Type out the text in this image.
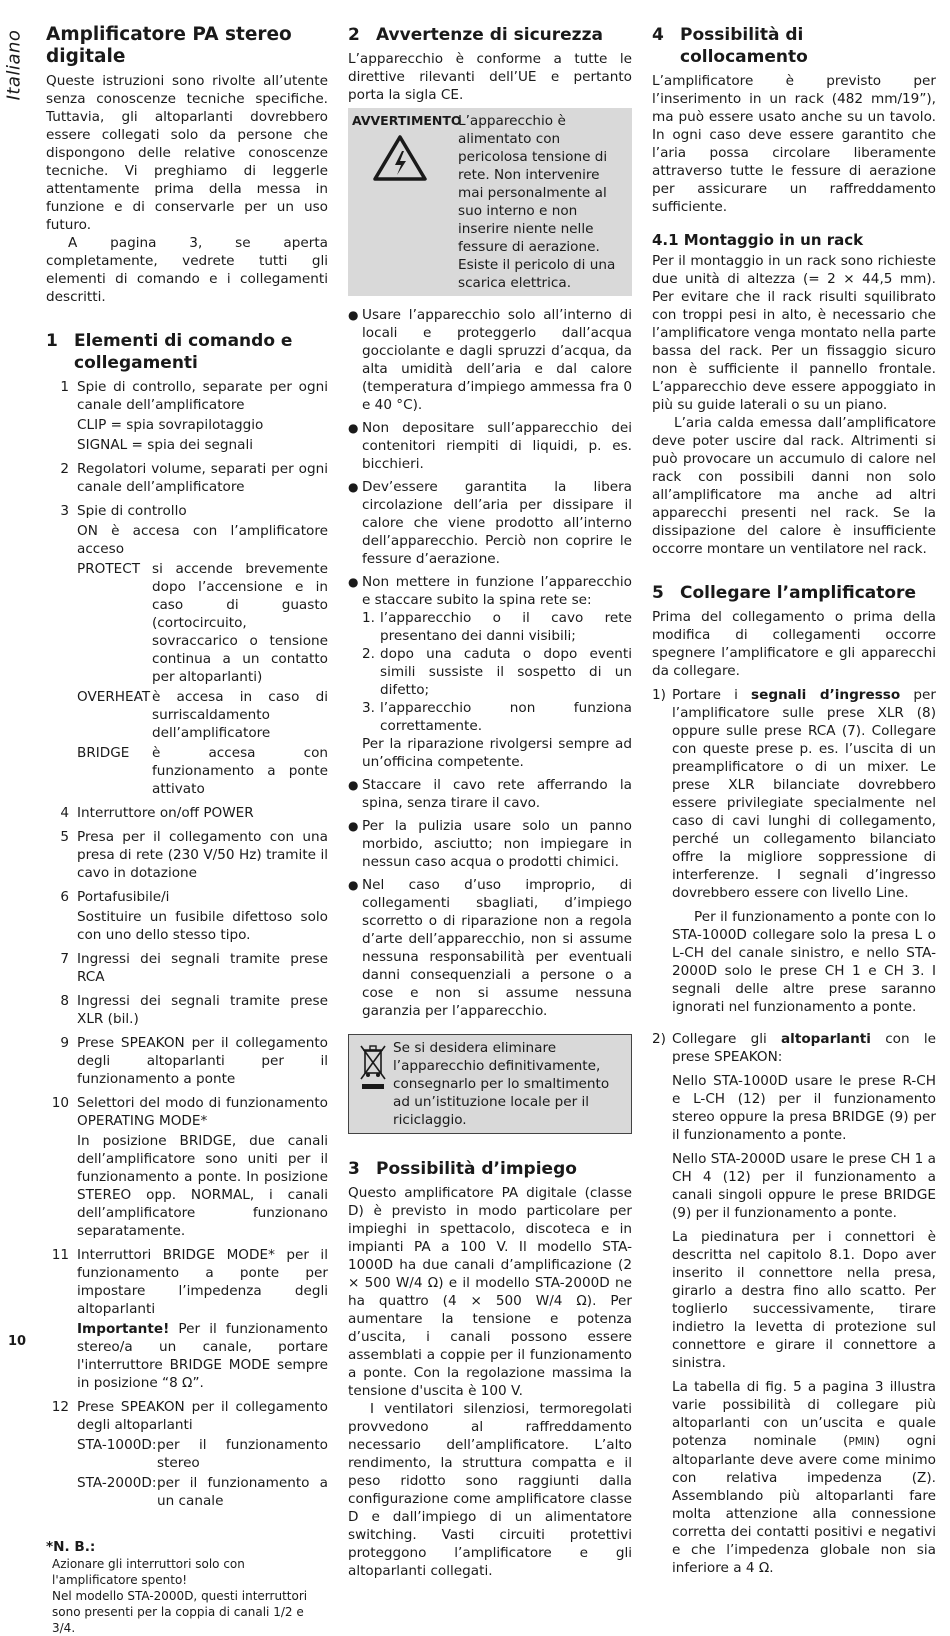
Italiano Amplificatore PA stereo digitale

Queste istruzioni sono rivolte all’utente senza conoscenze tecniche specifiche. Tuttavia, gli altoparlanti dovrebbero essere collegati solo da persone che dispongono delle relative conoscenze tecniche. Vi preghiamo di leggerle attentamente prima della messa in funzione e di conservarle per un uso futuro.

A pagina 3, se aperta completamente, vedrete tutti gli elementi di comando e i collegamenti descritti.

1 Elementi di comando e collegamenti
1 Spie di controllo, separate per ogni canale dell’amplificatore

CLIP = spia sovrapilotaggio

SIGNAL = spia dei segnali

2 Regolatori volume, separati per ogni canale dell’amplificatore

3 Spie di controllo

ON è accesa con l’amplificatore acceso

PROTECT si accende brevemente dopo l’accensione e in caso di guasto (cortocircuito, sovraccarico o tensione continua a un contatto per altoparlanti)
OVERHEAT è accesa in caso di surriscaldamento dell’amplificatore
BRIDGE	è accesa con funzionamento a ponte attivato
4 Interruttore on/off POWER

5 Presa per il collegamento con una presa di rete (230 V/50 Hz) tramite il cavo in dotazione

6 Portafusibile/i

Sostituire un fusibile difettoso solo con uno dello stesso tipo.

7 Ingressi dei segnali tramite prese RCA

8 Ingressi dei segnali tramite prese XLR (bil.)

9 Prese SPEAKON per il collegamento degli altoparlanti per il funzionamento a ponte

10 Selettori del modo di funzionamento OPERATING MODE*

In posizione BRIDGE, due canali dell’amplificatore sono uniti per il funzionamento a ponte. In posizione STEREO opp. NORMAL, i canali dell’amplificatore funzionano separatamente.

11 Interruttori BRIDGE MODE* per il funzionamento a ponte per impostare l’impedenza degli altoparlanti

Importante! Per il funzionamento stereo/a un canale, portare l'interruttore BRIDGE MODE sempre in posizione “8 Ω”.

12 Prese SPEAKON per il collegamento degli altoparlanti

STA-1000D: per il funzionamento stereo
STA-2000D: per il funzionamento a un canale
*N. B.:
Azionare gli interruttori solo con l'amplificatore spento!
Nel modello STA-2000D, questi interruttori sono presenti per la coppia di canali 1/2 e 3/4.
2 Avvertenze di sicurezza

L’apparecchio è conforme a tutte le direttive rilevanti dell’UE e pertanto porta la sigla CE.

AVVERTIMENTO

L’apparecchio è alimentato con pericolosa tensione di rete. Non intervenire mai personalmente al suo interno e non inserire niente nelle fessure di aerazione. Esiste il pericolo di una scarica elettrica.

● Usare l’apparecchio solo all’interno di locali e proteggerlo dall’acqua gocciolante e dagli spruzzi d’acqua, da alta umidità dell’aria e dal calore (temperatura d’impiego ammessa fra 0 e 40 °C).
● Non depositare sull’apparecchio dei contenitori riempiti di liquidi, p. es. bicchieri.
● Dev’essere garantita la libera circolazione dell’aria per dissipare il calore che viene prodotto all’interno dell’apparecchio. Perciò non coprire le fessure d’aerazione.
● Non mettere in funzione l’apparecchio e staccare subito la spina rete se:

1. l’apparecchio o il cavo rete presentano dei danni visibili;
2. dopo una caduta o dopo eventi simili sussiste il sospetto di un difetto;
3. l’apparecchio non funziona correttamente.

Per la riparazione rivolgersi sempre ad un’officina competente.

● Staccare il cavo rete afferrando la spina, senza tirare il cavo.
● Per la pulizia usare solo un panno morbido, asciutto; non impiegare in nessun caso acqua o prodotti chimici.
● Nel caso d’uso improprio, di collegamenti sbagliati, d’impiego scorretto o di riparazione non a regola d’arte dell’apparecchio, non si assume nessuna responsabilità per eventuali danni consequenziali a persone o a cose e non si assume nessuna garanzia per l’apparecchio.

Se si desidera eliminare l’apparecchio definitivamente, consegnarlo per lo smaltimento ad un’istituzione locale per il riciclaggio.

3 Possibilità d’impiego

Questo amplificatore PA digitale (classe D) è previsto in modo particolare per impieghi in spettacolo, discoteca e in impianti PA a 100 V. Il modello STA-1000D ha due canali d’amplificazione (2 × 500 W/4 Ω) e il modello STA-2000D ne ha quattro (4 × 500 W/4 Ω). Per aumentare la tensione e potenza d’uscita, i canali possono essere assemblati a coppie per il funzionamento a ponte. Con la regolazione massima la tensione d'uscita è 100 V.

I ventilatori silenziosi, termoregolati provvedono al raffreddamento necessario dell’amplificatore. L’alto rendimento, la struttura compatta e il peso ridotto sono raggiunti dalla configurazione come amplificatore classe D e dall’impiego di un alimentatore switching. Vasti circuiti protettivi proteggono l’amplificatore e gli altoparlanti collegati.

4 Possibilità di collocamento

L’amplificatore è previsto per l’inserimento in un rack (482 mm/19”), ma può essere usato anche su un tavolo. In ogni caso deve essere garantito che l’aria possa circolare liberamente attraverso tutte le fessure di aerazione per assicurare un raffreddamento sufficiente.

4.1 Montaggio in un rack

Per il montaggio in un rack sono richieste due unità di altezza (= 2 × 44,5 mm). Per evitare che il rack risulti squilibrato con troppi pesi in alto, è necessario che l’amplificatore venga montato nella parte bassa del rack. Per un fissaggio sicuro non è sufficiente il pannello frontale. L’apparecchio deve essere appoggiato in più su guide laterali o su un piano.

L’aria calda emessa dall’amplificatore deve poter uscire dal rack. Altrimenti si può provocare un accumulo di calore nel rack con possibili danni non solo all’amplificatore ma anche ad altri apparecchi presenti nel rack. Se la dissipazione del calore è insufficiente occorre montare un ventilatore nel rack.

5 Collegare l’amplificatore

Prima del collegamento o prima della modifica di collegamenti occorre spegnere l’amplificatore e gli apparecchi da collegare.

1) Portare i segnali d’ingresso per l’amplificatore sulle prese XLR (8) oppure sulle prese RCA (7). Collegare con queste prese p. es. l’uscita di un preamplificatore o di un mixer. Le prese XLR bilanciate dovrebbero essere privilegiate specialmente nel caso di cavi lunghi di collegamento, perché un collegamento bilanciato offre la migliore soppressione di interferenze. I segnali d’ingresso dovrebbero essere con livello Line.

Per il funzionamento a ponte con lo STA-1000D collegare solo la presa L o L-CH del canale sinistro, e nello STA-2000D solo le prese CH 1 e CH 3. I segnali delle altre prese saranno ignorati nel funzionamento a ponte.

2) Collegare gli altoparlanti con le prese SPEAKON:

Nello STA-1000D usare le prese R-CH e L-CH (12) per il funzionamento stereo oppure la presa BRIDGE (9) per il funzionamento a ponte.

Nello STA-2000D usare le prese CH 1 a CH 4 (12) per il funzionamento a canali singoli oppure le prese BRIDGE (9) per il funzionamento a ponte.

La piedinatura per i connettori è descritta nel capitolo 8.1. Dopo aver inserito il connettore nella presa, girarlo a destra fino allo scatto. Per toglierlo successivamente, tirare indietro la levetta di protezione sul connettore e girare il connettore a sinistra.

La tabella di fig. 5 a pagina 3 illustra varie possibilità di collegare più altoparlanti con un’uscita e quale potenza nominale (PMIN) ogni altoparlante deve avere come minimo con relativa impedenza (Z). Assemblando più altoparlanti fare molta attenzione alla connessione corretta dei contatti positivi e negativi e che l’impedenza globale non sia inferiore a 4 Ω.

10
